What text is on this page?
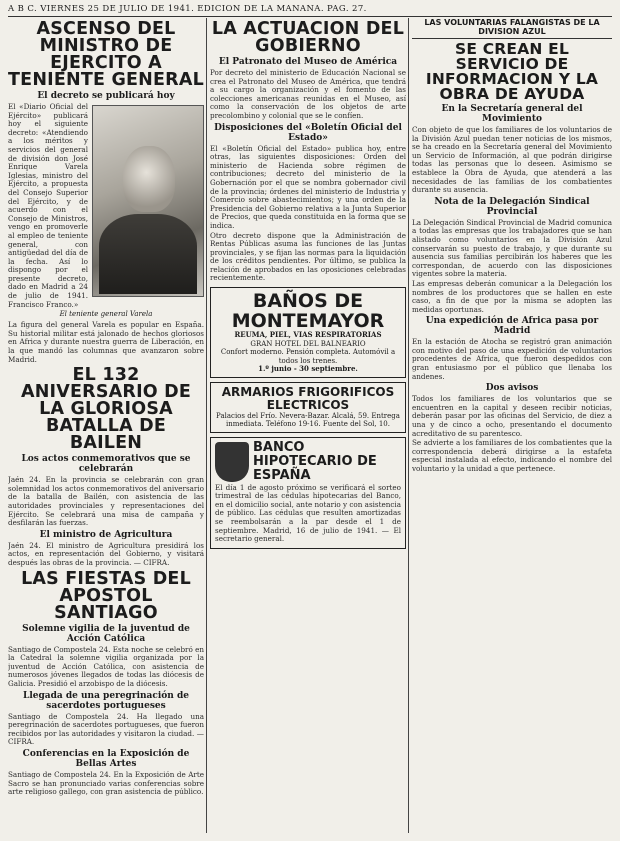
A B C. VIERNES 25 DE JULIO DE 1941. EDICION DE LA MAÑANA. PAG. 27.
ASCENSO DEL MINISTRO DE EJERCITO A TENIENTE GENERAL
El decreto se publicará hoy

El «Diario Oficial del Ejército» publicará hoy el siguiente decreto: «Atendiendo a los méritos y servicios del general de división don José Enrique Varela Iglesias, ministro del Ejército, a propuesta del Consejo Superior del Ejército, y de acuerdo con el Consejo de Ministros, vengo en promoverle al empleo de teniente general, con antigüedad del día de la fecha. Así lo dispongo por el presente decreto, dado en Madrid a 24 de julio de 1941. Francisco Franco.»

El teniente general Varela

La figura del general Varela es popular en España. Su historial militar está jalonado de hechos gloriosos en Africa y durante nuestra guerra de Liberación, en la que mandó las columnas que avanzaron sobre Madrid.

EL 132 ANIVERSARIO DE LA GLORIOSA BATALLA DE BAILEN
Los actos conmemorativos que se celebrarán

Jaén 24. En la provincia se celebrarán con gran solemnidad los actos conmemorativos del aniversario de la batalla de Bailén, con asistencia de las autoridades provinciales y representaciones del Ejército. Se celebrará una misa de campaña y desfilarán las fuerzas.

El ministro de Agricultura

Jaén 24. El ministro de Agricultura presidirá los actos, en representación del Gobierno, y visitará después las obras de la provincia. — CIFRA.

LAS FIESTAS DEL APOSTOL SANTIAGO
Solemne vigilia de la juventud de Acción Católica

Santiago de Compostela 24. Esta noche se celebró en la Catedral la solemne vigilia organizada por la juventud de Acción Católica, con asistencia de numerosos jóvenes llegados de todas las diócesis de Galicia. Presidió el arzobispo de la diócesis.

Llegada de una peregrinación de sacerdotes portugueses

Santiago de Compostela 24. Ha llegado una peregrinación de sacerdotes portugueses, que fueron recibidos por las autoridades y visitaron la ciudad. — CIFRA.

Conferencias en la Exposición de Bellas Artes

Santiago de Compostela 24. En la Exposición de Arte Sacro se han pronunciado varias conferencias sobre arte religioso gallego, con gran asistencia de público.

LA ACTUACION DEL GOBIERNO
El Patronato del Museo de América

Por decreto del ministerio de Educación Nacional se crea el Patronato del Museo de América, que tendrá a su cargo la organización y el fomento de las colecciones americanas reunidas en el Museo, así como la conservación de los objetos de arte precolombino y colonial que se le confíen.

Disposiciones del «Boletín Oficial del Estado»

El «Boletín Oficial del Estado» publica hoy, entre otras, las siguientes disposiciones: Orden del ministerio de Hacienda sobre régimen de contribuciones; decreto del ministerio de la Gobernación por el que se nombra gobernador civil de la provincia; órdenes del ministerio de Industria y Comercio sobre abastecimientos; y una orden de la Presidencia del Gobierno relativa a la Junta Superior de Precios, que queda constituida en la forma que se indica.

Otro decreto dispone que la Administración de Rentas Públicas asuma las funciones de las Juntas provinciales, y se fijan las normas para la liquidación de los créditos pendientes. Por último, se publica la relación de aprobados en las oposiciones celebradas recientemente.

BAÑOS DE MONTEMAYOR
REUMA, PIEL, VIAS RESPIRATORIAS
GRAN HOTEL DEL BALNEARIO
Confort moderno. Pensión completa. Automóvil a todos los trenes.
1.º junio - 30 septiembre.
ARMARIOS FRIGORIFICOS ELECTRICOS
Palacios del Frío. Nevera-Bazar. Alcalá, 59. Entrega inmediata. Teléfono 19-16. Fuente del Sol, 10.
BANCO HIPOTECARIO DE ESPAÑA

El día 1 de agosto próximo se verificará el sorteo trimestral de las cédulas hipotecarias del Banco, en el domicilio social, ante notario y con asistencia de público. Las cédulas que resulten amortizadas se reembolsarán a la par desde el 1 de septiembre. Madrid, 16 de julio de 1941. — El secretario general.

LAS VOLUNTARIAS FALANGISTAS DE LA DIVISION AZUL
SE CREAN EL SERVICIO DE INFORMACION Y LA OBRA DE AYUDA
En la Secretaría general del Movimiento

Con objeto de que los familiares de los voluntarios de la División Azul puedan tener noticias de los mismos, se ha creado en la Secretaría general del Movimiento un Servicio de Información, al que podrán dirigirse todas las personas que lo deseen. Asimismo se establece la Obra de Ayuda, que atenderá a las necesidades de las familias de los combatientes durante su ausencia.

Nota de la Delegación Sindical Provincial

La Delegación Sindical Provincial de Madrid comunica a todas las empresas que los trabajadores que se han alistado como voluntarios en la División Azul conservarán su puesto de trabajo, y que durante su ausencia sus familias percibirán los haberes que les correspondan, de acuerdo con las disposiciones vigentes sobre la materia.

Las empresas deberán comunicar a la Delegación los nombres de los productores que se hallen en este caso, a fin de que por la misma se adopten las medidas oportunas.

Una expedición de Africa pasa por Madrid

En la estación de Atocha se registró gran animación con motivo del paso de una expedición de voluntarios procedentes de Africa, que fueron despedidos con gran entusiasmo por el público que llenaba los andenes.

Dos avisos

Todos los familiares de los voluntarios que se encuentren en la capital y deseen recibir noticias, deberán pasar por las oficinas del Servicio, de diez a una y de cinco a ocho, presentando el documento acreditativo de su parentesco.

Se advierte a los familiares de los combatientes que la correspondencia deberá dirigirse a la estafeta especial instalada al efecto, indicando el nombre del voluntario y la unidad a que pertenece.
